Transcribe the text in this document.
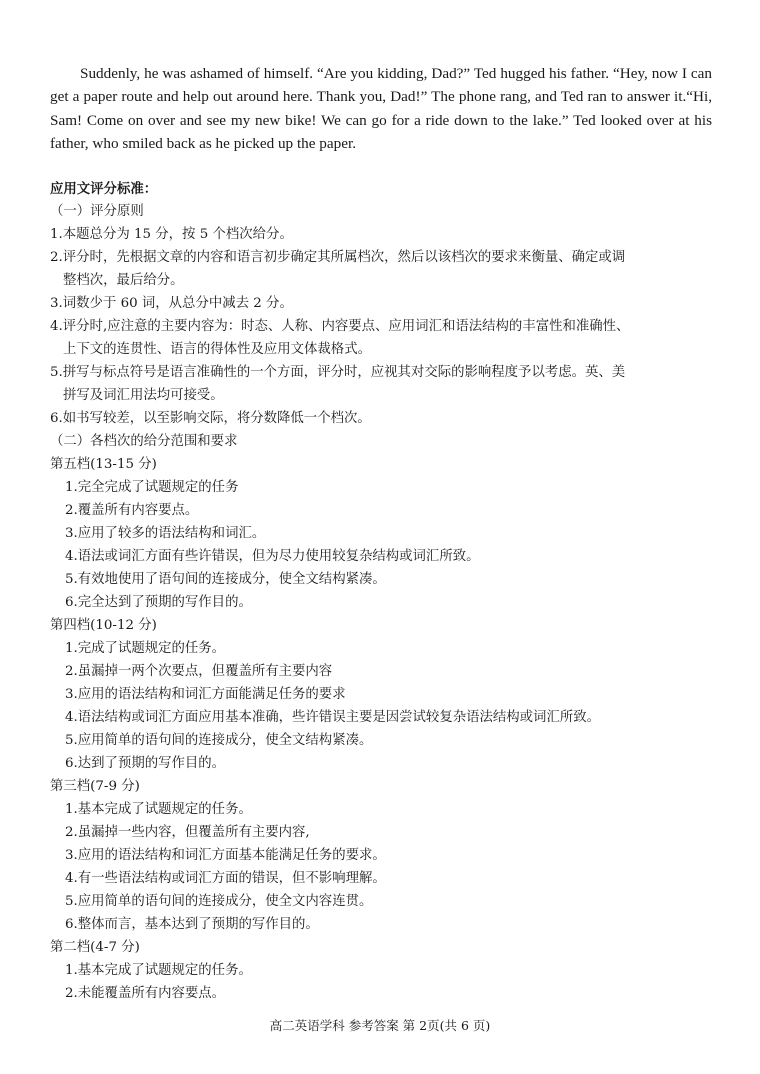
Suddenly, he was ashamed of himself. “Are you kidding, Dad?” Ted hugged his father. “Hey, now I can get a paper route and help out around here. Thank you, Dad!” The phone rang, and Ted ran to answer it.“Hi, Sam! Come on over and see my new bike! We can go for a ride down to the lake.” Ted looked over at his father, who smiled back as he picked up the paper.

应用文评分标准：
（一）评分原则
1.本题总分为 15 分，按 5 个档次给分。
2.评分时，先根据文章的内容和语言初步确定其所属档次，然后以该档次的要求来衡量、确定或调
整档次，最后给分。
3.词数少于 60 词，从总分中减去 2 分。
4.评分时,应注意的主要内容为：时态、人称、内容要点、应用词汇和语法结构的丰富性和准确性、
上下文的连贯性、语言的得体性及应用文体裁格式。
5.拼写与标点符号是语言准确性的一个方面，评分时，应视其对交际的影响程度予以考虑。英、美
拼写及词汇用法均可接受。
6.如书写较差，以至影响交际，将分数降低一个档次。
（二）各档次的给分范围和要求
第五档(13-15 分)
1.完全完成了试题规定的任务
2.覆盖所有内容要点。
3.应用了较多的语法结构和词汇。
4.语法或词汇方面有些许错误，但为尽力使用较复杂结构或词汇所致。
5.有效地使用了语句间的连接成分，使全文结构紧凑。
6.完全达到了预期的写作目的。
第四档(10-12 分)
1.完成了试题规定的任务。
2.虽漏掉一两个次要点，但覆盖所有主要内容
3.应用的语法结构和词汇方面能满足任务的要求
4.语法结构或词汇方面应用基本准确，些许错误主要是因尝试较复杂语法结构或词汇所致。
5.应用简单的语句间的连接成分，使全文结构紧凑。
6.达到了预期的写作目的。
第三档(7-9 分)
1.基本完成了试题规定的任务。
2.虽漏掉一些内容，但覆盖所有主要内容,
3.应用的语法结构和词汇方面基本能满足任务的要求。
4.有一些语法结构或词汇方面的错误，但不影响理解。
5.应用简单的语句间的连接成分，使全文内容连贯。
6.整体而言，基本达到了预期的写作目的。
第二档(4-7 分)
1.基本完成了试题规定的任务。
2.未能覆盖所有内容要点。
高二英语学科 参考答案 第 2页(共 6 页)
